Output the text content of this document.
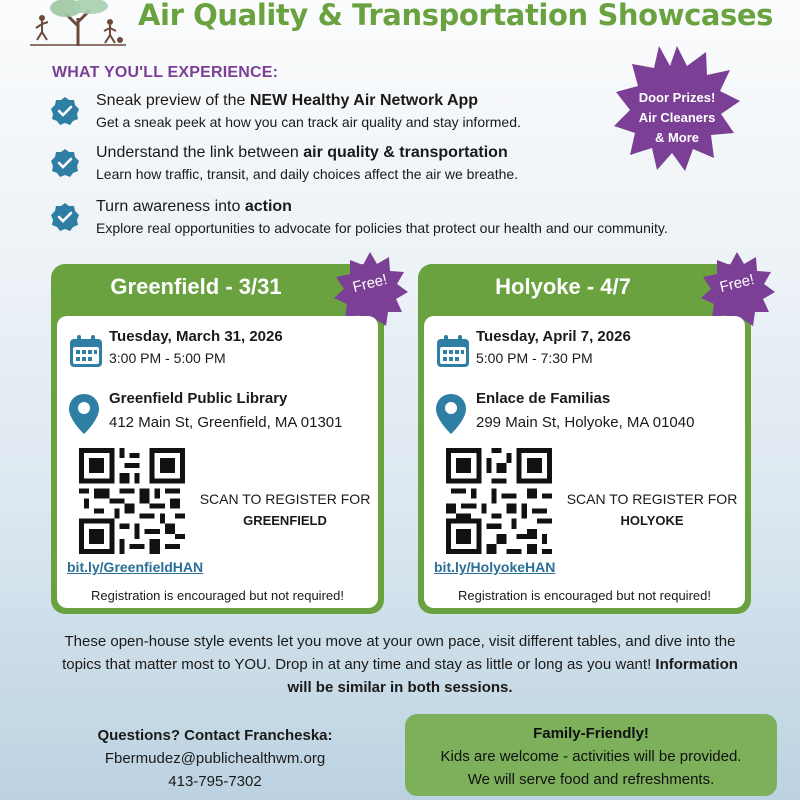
Air Quality & Transportation Showcases
WHAT YOU'LL EXPERIENCE:
Sneak preview of the NEW Healthy Air Network App
Get a sneak peek at how you can track air quality and stay informed.
Understand the link between air quality & transportation
Learn how traffic, transit, and daily choices affect the air we breathe.
Turn awareness into action
Explore real opportunities to advocate for policies that protect our health and our community.
Door Prizes!
Air Cleaners
& More
Greenfield - 3/31	Free!
Tuesday, March 31, 2026
3:00 PM - 5:00 PM
Greenfield Public Library
412 Main St, Greenfield, MA 01301
SCAN TO REGISTER FOR
GREENFIELD
bit.ly/GreenfieldHAN
Registration is encouraged but not required!
Holyoke - 4/7	Free!
Tuesday, April 7, 2026
5:00 PM - 7:30 PM
Enlace de Familias
299 Main St, Holyoke, MA 01040
SCAN TO REGISTER FOR
HOLYOKE
bit.ly/HolyokeHAN
Registration is encouraged but not required!
These open-house style events let you move at your own pace, visit different tables, and dive into the topics that matter most to YOU. Drop in at any time and stay as little or long as you want! Information will be similar in both sessions.
Questions? Contact Francheska:
Fbermudez@publichealthwm.org
413-795-7302
Family-Friendly!
Kids are welcome - activities will be provided.
We will serve food and refreshments.
